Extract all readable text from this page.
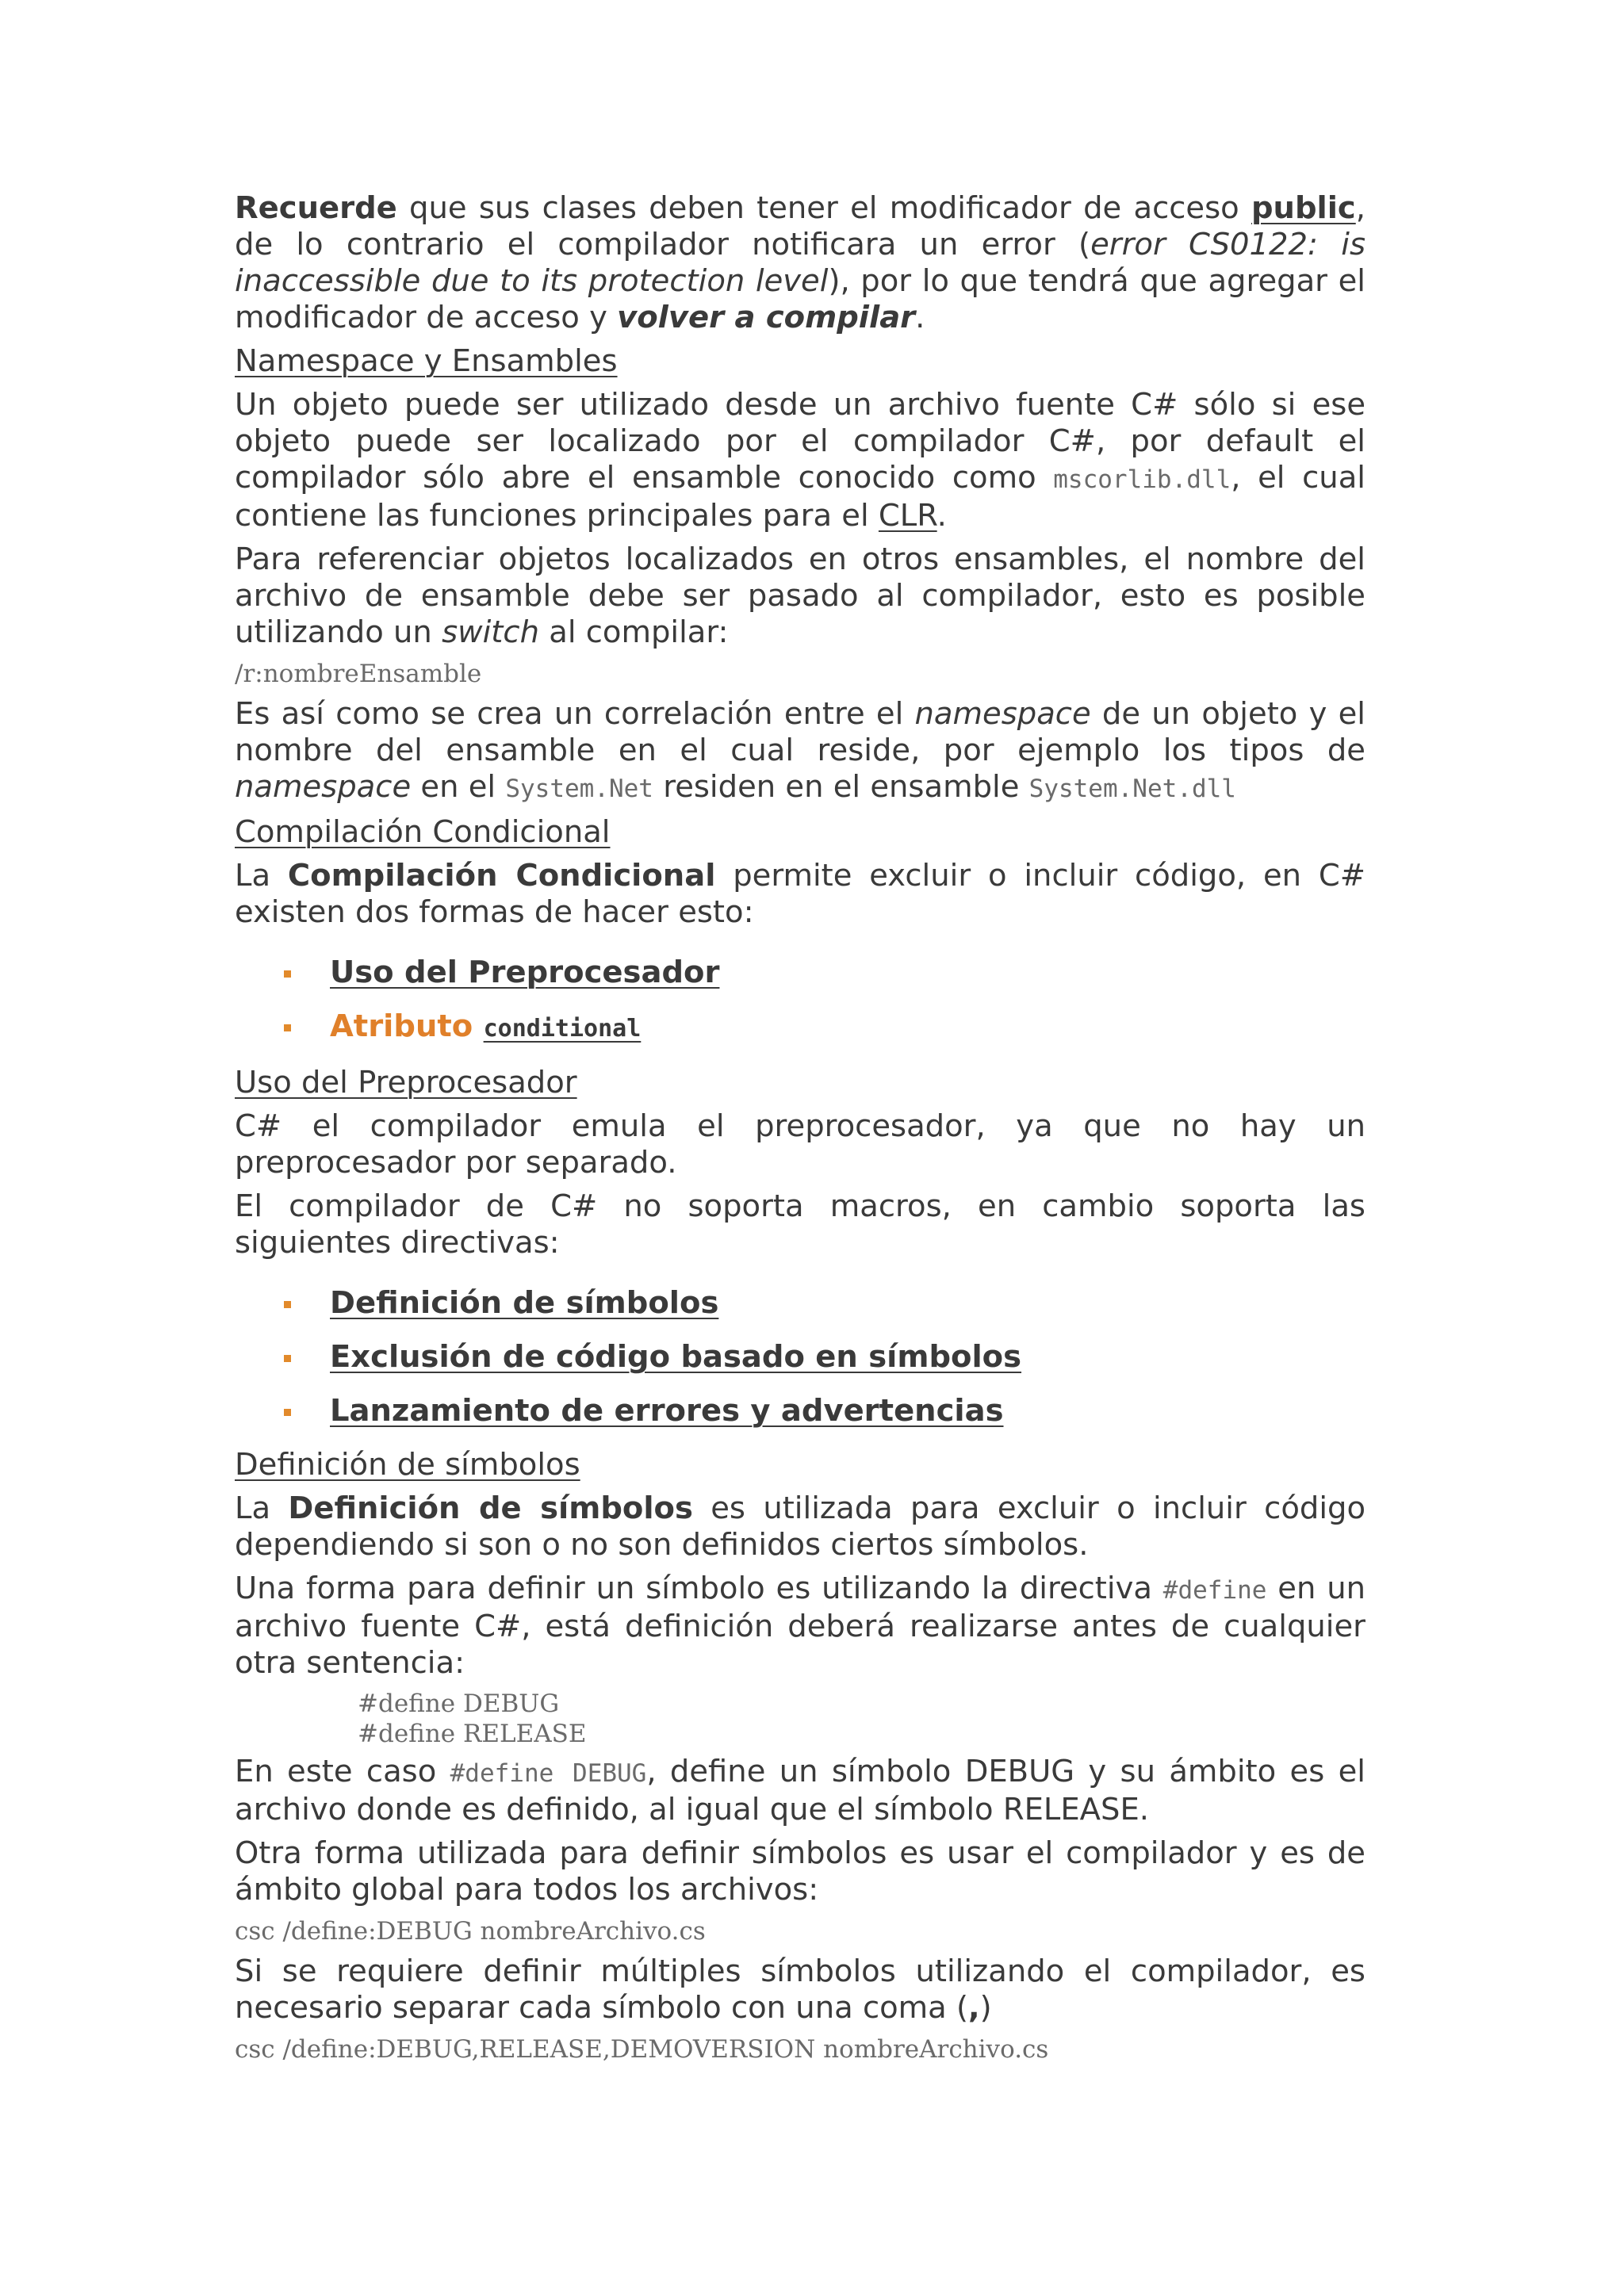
Recuerde que sus clases deben tener el modificador de acceso public, de lo contrario el compilador notificara un error (error CS0122: is inaccessible due to its protection level), por lo que tendrá que agregar el modificador de acceso y volver a compilar.

Namespace y Ensambles

Un objeto puede ser utilizado desde un archivo fuente C# sólo si ese objeto puede ser localizado por el compilador C#, por default el compilador sólo abre el ensamble conocido como mscorlib.dll, el cual contiene las funciones principales para el CLR.

Para referenciar objetos localizados en otros ensambles, el nombre del archivo de ensamble debe ser pasado al compilador, esto es posible utilizando un switch al compilar:

/r:nombreEnsamble

Es así como se crea un correlación entre el namespace de un objeto y el nombre del ensamble en el cual reside, por ejemplo los tipos de namespace en el System.Net residen en el ensamble System.Net.dll

Compilación Condicional

La Compilación Condicional permite excluir o incluir código, en C# existen dos formas de hacer esto:

Uso del Preprocesador
Atributo conditional
Uso del Preprocesador

C# el compilador emula el preprocesador, ya que no hay un preprocesador por separado.

El compilador de C# no soporta macros, en cambio soporta las siguientes directivas:

Definición de símbolos
Exclusión de código basado en símbolos
Lanzamiento de errores y advertencias
Definición de símbolos

La Definición de símbolos es utilizada para excluir o incluir código dependiendo si son o no son definidos ciertos símbolos.

Una forma para definir un símbolo es utilizando la directiva #define en un archivo fuente C#, está definición deberá realizarse antes de cualquier otra sentencia:

#define DEBUG
#define RELEASE

En este caso #define DEBUG, define un símbolo DEBUG y su ámbito es el archivo donde es definido, al igual que el símbolo RELEASE.

Otra forma utilizada para definir símbolos es usar el compilador y es de ámbito global para todos los archivos:

csc /define:DEBUG nombreArchivo.cs

Si se requiere definir múltiples símbolos utilizando el compilador, es necesario separar cada símbolo con una coma (,)

csc /define:DEBUG,RELEASE,DEMOVERSION nombreArchivo.cs
